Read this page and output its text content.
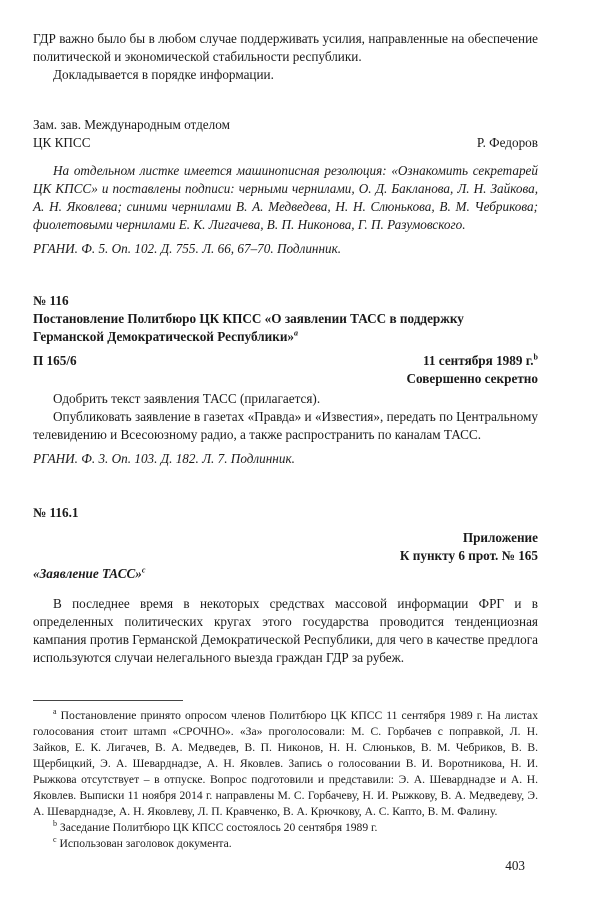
ГДР важно было бы в любом случае поддерживать усилия, направленные на обеспечение политической и экономической стабильности республики.

Докладывается в порядке информации.

Зам. зав. Международным отделом

ЦК КПСС	Р. Федоров

На отдельном листке имеется машинописная резолюция: «Ознакомить секретарей ЦК КПСС» и поставлены подписи: черными чернилами, О. Д. Бакланова, Л. Н. Зайкова, А. Н. Яковлева; синими чернилами В. А. Медведева, Н. Н. Слюнькова, В. М. Чебрикова; фиолетовыми чернилами Е. К. Лигачева, В. П. Никонова, Г. П. Разумовского.

РГАНИ. Ф. 5. Оп. 102. Д. 755. Л. 66, 67–70. Подлинник.

№ 116

Постановление Политбюро ЦК КПСС «О заявлении ТАСС в поддержку Германской Демократической Республики»$^a$

П 165/6	11 сентября 1989 г.$^b$

Совершенно секретно

Одобрить текст заявления ТАСС (прилагается).

Опубликовать заявление в газетах «Правда» и «Известия», передать по Центральному телевидению и Всесоюзному радио, а также распространить по каналам ТАСС.

РГАНИ. Ф. 3. Оп. 103. Д. 182. Л. 7. Подлинник.

№ 116.1

Приложение

К пункту 6 прот. № 165

«Заявление ТАСС»$^c$

В последнее время в некоторых средствах массовой информации ФРГ и в определенных политических кругах этого государства проводится тенденциозная кампания против Германской Демократической Республики, для чего в качестве предлога используются случаи нелегального выезда граждан ГДР за рубеж.

$^a$ Постановление принято опросом членов Политбюро ЦК КПСС 11 сентября 1989 г. На листах голосования стоит штамп «СРОЧНО». «За» проголосовали: М. С. Горбачев с поправкой, Л. Н. Зайков, Е. К. Лигачев, В. А. Медведев, В. П. Никонов, Н. Н. Слюньков, В. М. Чебриков, В. В. Щербицкий, Э. А. Шеварднадзе, А. Н. Яковлев. Запись о голосовании В. И. Воротникова, Н. И. Рыжкова отсутствует – в отпуске. Вопрос подготовили и представили: Э. А. Шеварднадзе и А. Н. Яковлев. Выписки 11 ноября 2014 г. направлены М. С. Горбачеву, Н. И. Рыжкову, В. А. Медведеву, Э. А. Шеварднадзе, А. Н. Яковлеву, Л. П. Кравченко, В. А. Крючкову, А. С. Капто, В. М. Фалину.

$^b$ Заседание Политбюро ЦК КПСС состоялось 20 сентября 1989 г.

$^c$ Использован заголовок документа.

403
